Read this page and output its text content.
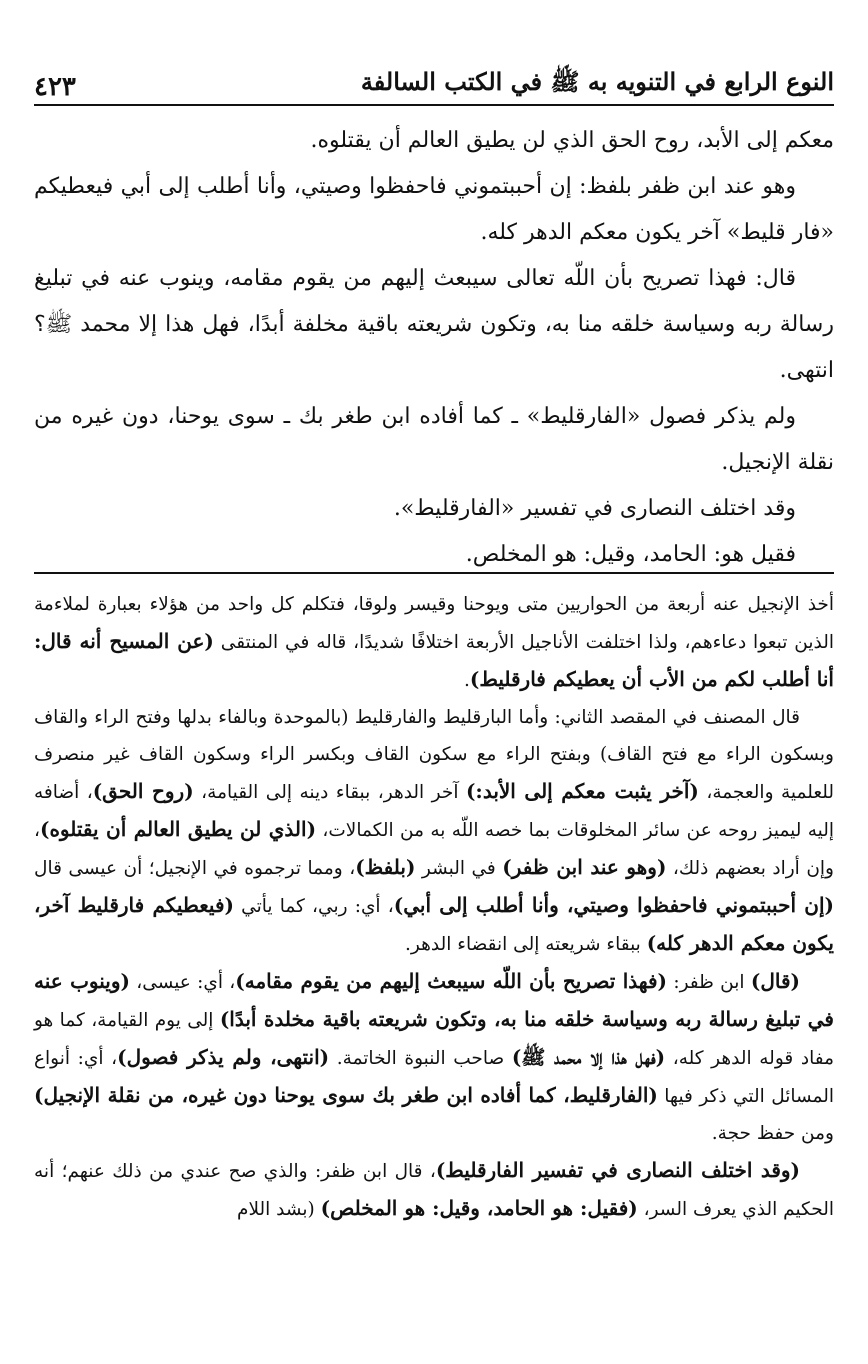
النوع الرابع في التنويه به ﷺ في الكتب السالفة
٤٢٣

معكم إلى الأبد، روح الحق الذي لن يطيق العالم أن يقتلوه.

وهو عند ابن ظفر بلفظ: إن أحببتموني فاحفظوا وصيتي، وأنا أطلب إلى أبي فيعطيكم «فار قليط» آخر يكون معكم الدهر كله.

قال: فهذا تصريح بأن اللّه تعالى سيبعث إليهم من يقوم مقامه، وينوب عنه في تبليغ رسالة ربه وسياسة خلقه منا به، وتكون شريعته باقية مخلفة أبدًا، فهل هذا إلا محمد ﷺ؟ انتهى.

ولم يذكر فصول «الفارقليط» ـ كما أفاده ابن طغر بك ـ سوى يوحنا، دون غيره من نقلة الإنجيل.

وقد اختلف النصارى في تفسير «الفارقليط».

فقيل هو: الحامد، وقيل: هو المخلص.

أخذ الإنجيل عنه أربعة من الحواريين متى ويوحنا وقيسر ولوقا، فتكلم كل واحد من هؤلاء بعبارة لملاءمة الذين تبعوا دعاءهم، ولذا اختلفت الأناجيل الأربعة اختلافًا شديدًا، قاله في المنتقى (عن المسيح أنه قال: أنا أطلب لكم من الأب أن يعطيكم فارقليط).

قال المصنف في المقصد الثاني: وأما البارقليط والفارقليط (بالموحدة وبالفاء بدلها وفتح الراء والقاف وبسكون الراء مع فتح القاف) وبفتح الراء مع سكون القاف وبكسر الراء وسكون القاف غير منصرف للعلمية والعجمة، (آخر يثبت معكم إلى الأبد:) آخر الدهر، ببقاء دينه إلى القيامة، (روح الحق)، أضافه إليه ليميز روحه عن سائر المخلوقات بما خصه اللّه به من الكمالات، (الذي لن يطيق العالم أن يقتلوه)، وإن أراد بعضهم ذلك، (وهو عند ابن ظفر) في البشر (بلفظ)، ومما ترجموه في الإنجيل؛ أن عيسى قال (إن أحببتموني فاحفظوا وصيتي، وأنا أطلب إلى أبي)، أي: ربي، كما يأتي (فيعطيكم فارقليط آخر، يكون معكم الدهر كله) ببقاء شريعته إلى انقضاء الدهر.

(قال) ابن ظفر: (فهذا تصريح بأن اللّه سيبعث إليهم من يقوم مقامه)، أي: عيسى، (وينوب عنه في تبليغ رسالة ربه وسياسة خلقه منا به، وتكون شريعته باقية مخلدة أبدًا) إلى يوم القيامة، كما هو مفاد قوله الدهر كله، (فهل هذا إلا محمد ﷺ) صاحب النبوة الخاتمة. (انتهى، ولم يذكر فصول)، أي: أنواع المسائل التي ذكر فيها (الفارقليط، كما أفاده ابن طغر بك سوى يوحنا دون غيره، من نقلة الإنجيل) ومن حفظ حجة.

(وقد اختلف النصارى في تفسير الفارقليط)، قال ابن ظفر: والذي صح عندي من ذلك عنهم؛ أنه الحكيم الذي يعرف السر، (فقيل: هو الحامد، وقيل: هو المخلص) (بشد اللام
